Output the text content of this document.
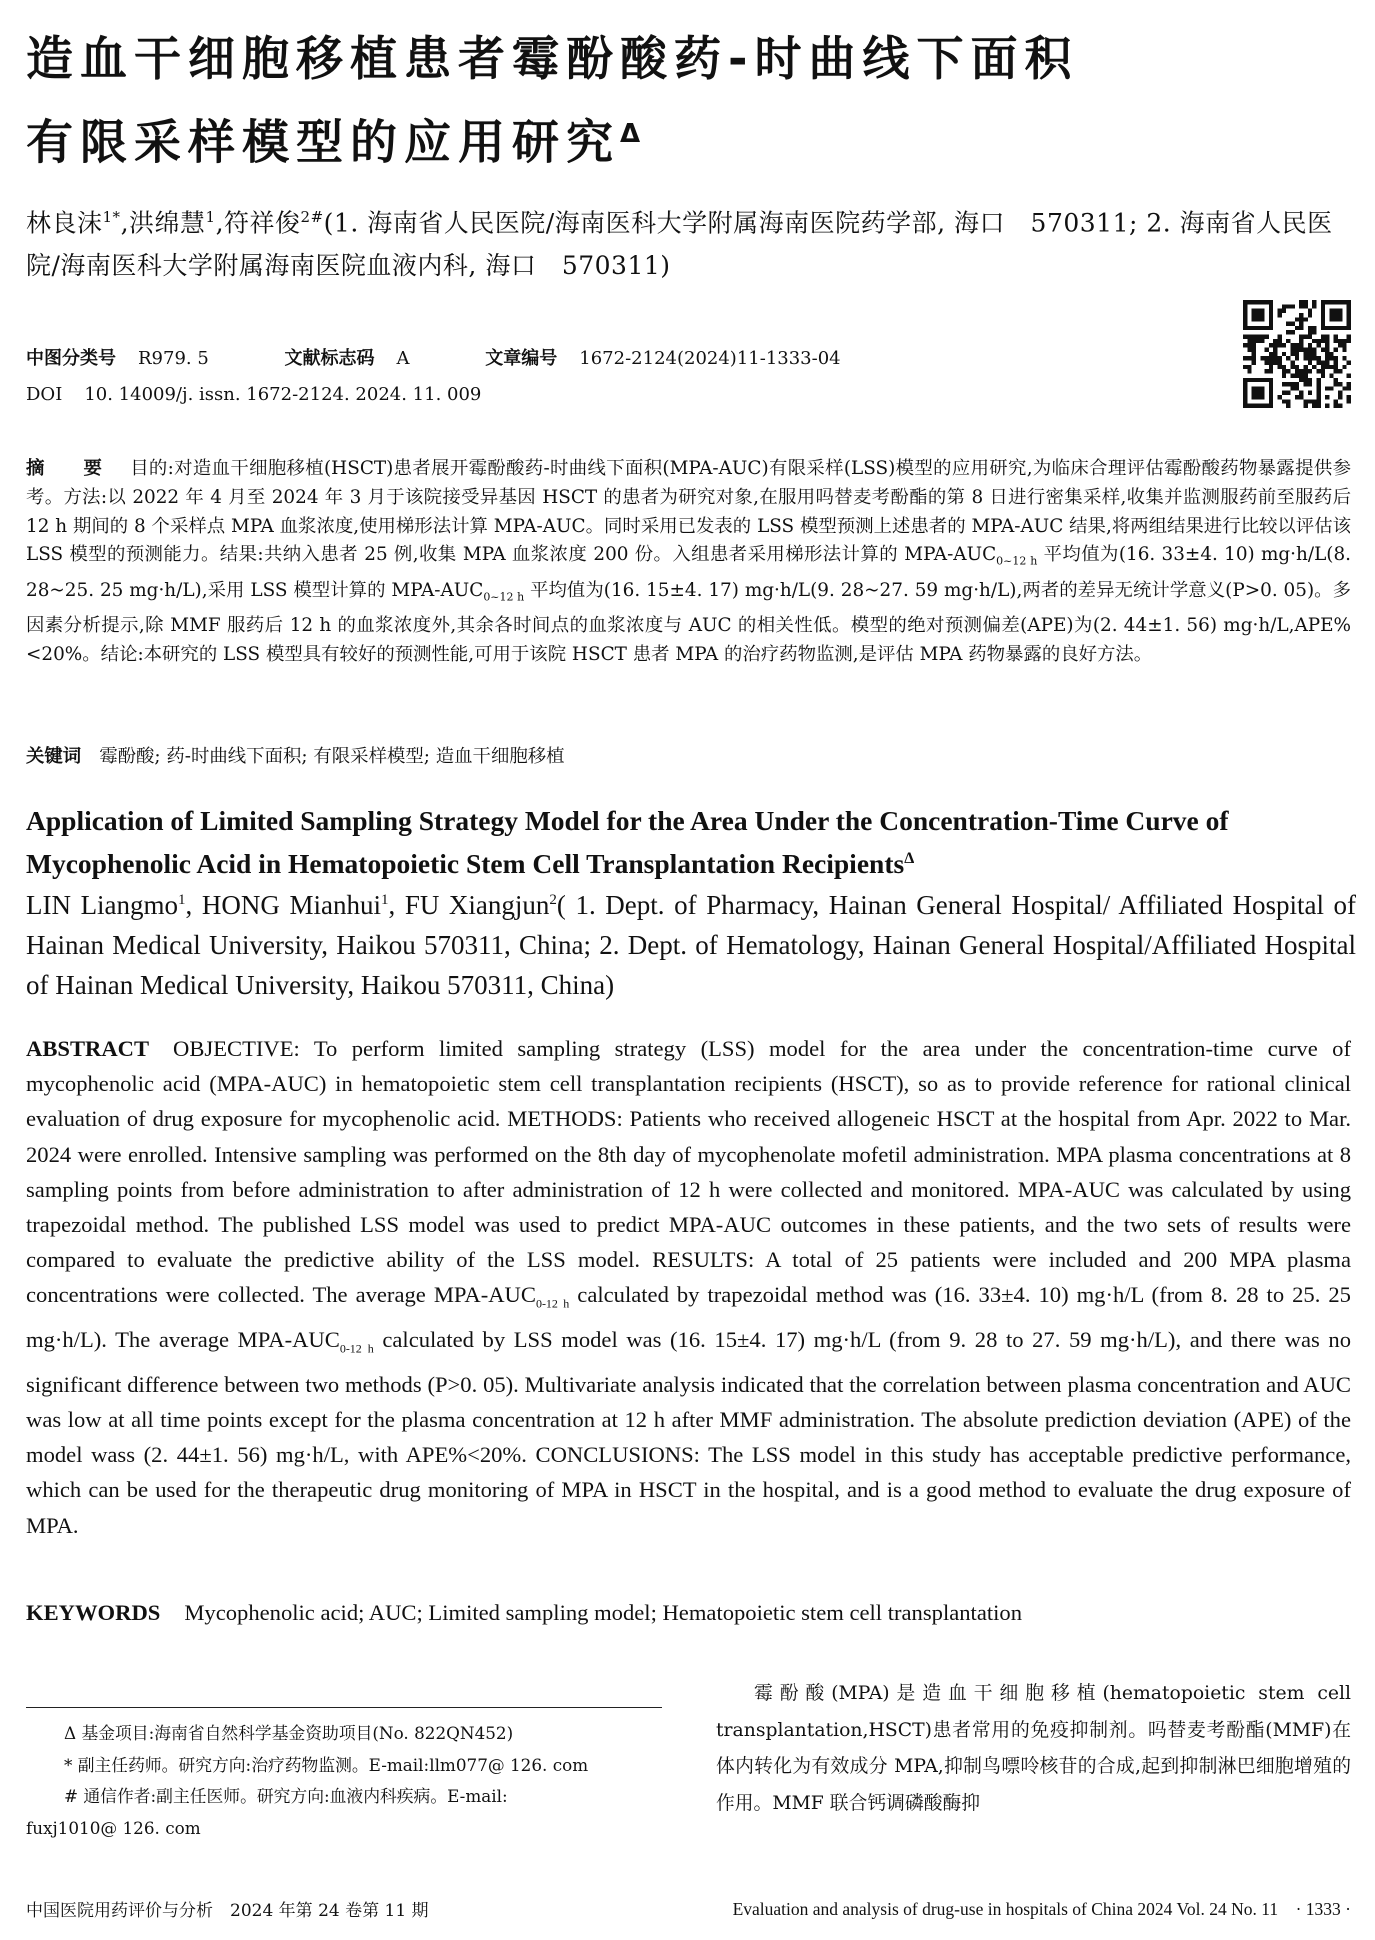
造血干细胞移植患者霉酚酸药-时曲线下面积
有限采样模型的应用研究$^\Delta$
林良沫$^{1*}$,洪绵慧$^1$,符祥俊$^{2\#}$(1. 海南省人民医院/海南医科大学附属海南医院药学部, 海口　570311; 2. 海南省人民医院/海南医科大学附属海南医院血液内科, 海口　570311)
中图分类号 R979. 5	文献标志码 A	文章编号 1672-2124(2024)11-1333-04
DOI 10. 14009/j. issn. 1672-2124. 2024. 11. 009
摘　要 目的:对造血干细胞移植(HSCT)患者展开霉酚酸药-时曲线下面积(MPA-AUC)有限采样(LSS)模型的应用研究,为临床合理评估霉酚酸药物暴露提供参考。方法:以 2022 年 4 月至 2024 年 3 月于该院接受异基因 HSCT 的患者为研究对象,在服用吗替麦考酚酯的第 8 日进行密集采样,收集并监测服药前至服药后 12 h 期间的 8 个采样点 MPA 血浆浓度,使用梯形法计算 MPA-AUC。同时采用已发表的 LSS 模型预测上述患者的 MPA-AUC 结果,将两组结果进行比较以评估该 LSS 模型的预测能力。结果:共纳入患者 25 例,收集 MPA 血浆浓度 200 份。入组患者采用梯形法计算的 MPA-$AUC_{0\sim 12 h}$ 平均值为(16. 33±4. 10) mg·h/L(8. 28~25. 25 mg·h/L),采用 LSS 模型计算的 MPA-$AUC_{0\sim 12 h}$ 平均值为(16. 15±4. 17) mg·h/L(9. 28~27. 59 mg·h/L),两者的差异无统计学意义(P>0. 05)。多因素分析提示,除 MMF 服药后 12 h 的血浆浓度外,其余各时间点的血浆浓度与 AUC 的相关性低。模型的绝对预测偏差(APE)为(2. 44±1. 56) mg·h/L,APE%<20%。结论:本研究的 LSS 模型具有较好的预测性能,可用于该院 HSCT 患者 MPA 的治疗药物监测,是评估 MPA 药物暴露的良好方法。
关键词 霉酚酸; 药-时曲线下面积; 有限采样模型; 造血干细胞移植
Application of Limited Sampling Strategy Model for the Area Under the Concentration-Time Curve of Mycophenolic Acid in Hematopoietic Stem Cell Transplantation Recipients$^\Delta$
LIN Liangmo$^1$, HONG Mianhui$^1$, FU Xiangjun$^2$( 1. Dept. of Pharmacy, Hainan General Hospital/ Affiliated Hospital of Hainan Medical University, Haikou 570311, China; 2. Dept. of Hematology, Hainan General Hospital/Affiliated Hospital of Hainan Medical University, Haikou 570311, China)
ABSTRACT OBJECTIVE: To perform limited sampling strategy (LSS) model for the area under the concentration-time curve of mycophenolic acid (MPA-AUC) in hematopoietic stem cell transplantation recipients (HSCT), so as to provide reference for rational clinical evaluation of drug exposure for mycophenolic acid. METHODS: Patients who received allogeneic HSCT at the hospital from Apr. 2022 to Mar. 2024 were enrolled. Intensive sampling was performed on the 8th day of mycophenolate mofetil administration. MPA plasma concentrations at 8 sampling points from before administration to after administration of 12 h were collected and monitored. MPA-AUC was calculated by using trapezoidal method. The published LSS model was used to predict MPA-AUC outcomes in these patients, and the two sets of results were compared to evaluate the predictive ability of the LSS model. RESULTS: A total of 25 patients were included and 200 MPA plasma concentrations were collected. The average MPA-$AUC_{0-12 h}$ calculated by trapezoidal method was (16. 33±4. 10) mg·h/L (from 8. 28 to 25. 25 mg·h/L). The average MPA-$AUC_{0-12 h}$ calculated by LSS model was (16. 15±4. 17) mg·h/L (from 9. 28 to 27. 59 mg·h/L), and there was no significant difference between two methods (P>0. 05). Multivariate analysis indicated that the correlation between plasma concentration and AUC was low at all time points except for the plasma concentration at 12 h after MMF administration. The absolute prediction deviation (APE) of the model wass (2. 44±1. 56) mg·h/L, with APE%<20%. CONCLUSIONS: The LSS model in this study has acceptable predictive performance, which can be used for the therapeutic drug monitoring of MPA in HSCT in the hospital, and is a good method to evaluate the drug exposure of MPA.
KEYWORDS Mycophenolic acid; AUC; Limited sampling model; Hematopoietic stem cell transplantation
Δ 基金项目:海南省自然科学基金资助项目(No. 822QN452)
* 副主任药师。研究方向:治疗药物监测。E-mail:llm077@ 126. com
# 通信作者:副主任医师。研究方向:血液内科疾病。E-mail:
fuxj1010@ 126. com
霉酚酸(MPA)是造血干细胞移植(hematopoietic stem cell transplantation,HSCT)患者常用的免疫抑制剂。吗替麦考酚酯(MMF)在体内转化为有效成分 MPA,抑制鸟嘌呤核苷的合成,起到抑制淋巴细胞增殖的作用。MMF 联合钙调磷酸酶抑
中国医院用药评价与分析　2024 年第 24 卷第 11 期	Evaluation and analysis of drug-use in hospitals of China 2024 Vol. 24 No. 11　· 1333 ·
